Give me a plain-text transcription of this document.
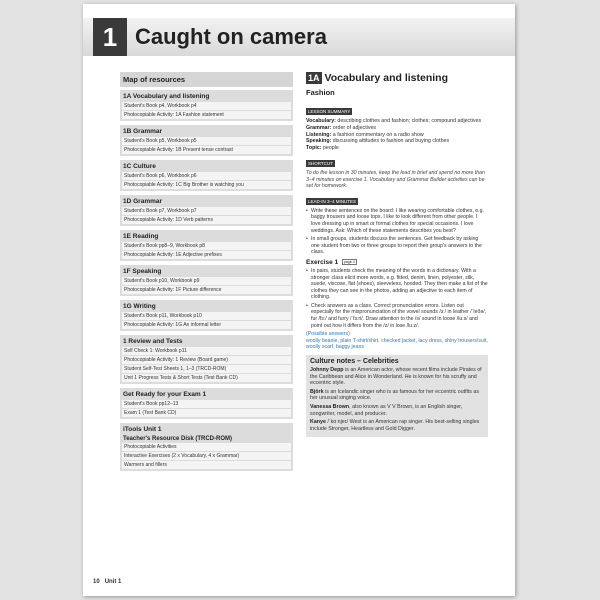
1 Caught on camera
Map of resources
1A Vocabulary and listening
Student's Book p4, Workbook p4
Photocopiable Activity: 1A Fashion statement
1B Grammar
Student's Book p5, Workbook p5
Photocopiable Activity: 1B Present tense contrast
1C Culture
Student's Book p6, Workbook p6
Photocopiable Activity: 1C Big Brother is watching you
1D Grammar
Student's Book p7, Workbook p7
Photocopiable Activity: 1D Verb patterns
1E Reading
Student's Book pp8–9, Workbook p8
Photocopiable Activity: 1E Adjective prefixes
1F Speaking
Student's Book p10, Workbook p9
Photocopiable Activity: 1F Picture difference
1G Writing
Student's Book p11, Workbook p10
Photocopiable Activity: 1G An informal letter
1 Review and Tests
Self Check 1: Workbook p11
Photocopiable Activity: 1 Review (Board game)
Student Self-Test Sheets 1, 1–3 (TRCD-ROM)
Unit 1 Progress Tests & Short Tests (Test Bank CD)
Get Ready for your Exam 1
Student's Book pp12–13
Exam 1 (Test Bank CD)
iTools Unit 1
Teacher's Resource Disk (TRCD-ROM)
Photocopiable Activities
Interactive Exercises (2 x Vocabulary, 4 x Grammar)
Warmers and fillers
1A Vocabulary and listening
Fashion
LESSON SUMMARY
Vocabulary: describing clothes and fashion; clothes; compound adjectives
Grammar: order of adjectives
Listening: a fashion commentary on a radio show
Speaking: discussing attitudes to fashion and buying clothes
Topic: people
SHORTCUT
To do the lesson in 30 minutes, keep the lead in brief and spend no more than 3–4 minutes on exercise 1. Vocabulary and Grammar Builder activities can be set for homework.
LEAD-IN 3–4 MINUTES
• Write these sentences on the board: I like wearing comfortable clothes, e.g. baggy trousers and loose tops. I like to look different from other people. I love dressing up in smart or formal clothes for special occasions. I love weddings. Ask: Which of these statements describes you best?
• In small groups, students discuss the sentences. Get feedback by asking one student from two or three groups to report their group's answers to the class.
Exercise 1 page 4
• In pairs, students check the meaning of the words in a dictionary. With a stronger class elicit more words, e.g. fitted, denim, linen, polyester, silk, suede, viscose, flat (shoes), sleeveless, hooded. They then make a list of the clothes they can see in the photos, adding an adjective to each item of clothing.
• Check answers as a class. Correct pronunciation errors. Listen out especially for the mispronunciation of the vowel sounds /ɜː/ in leather /ˈleðə/, fur /fɜː/ and furry /ˈfɜːri/. Draw attention to the /s/ sound in loose /luːs/ and point out how it differs from the /z/ in lose /luːz/.
(Possible answers)
woolly beanie, plain T-shirt/shirt, checked jacket, lacy dress, shiny trousers/suit, woolly scarf, baggy jeans
Culture notes – Celebrities
Johnny Depp is an American actor, whose recent films include Pirates of the Caribbean and Alice in Wonderland. He is known for his scruffy and eccentric style.
Björk is an Icelandic singer who is as famous for her eccentric outfits as her unusual singing voice.
Vanessa Brown, also known as V V Brown, is an English singer, songwriter, model, and producer.
Kanye /ˈkɑːnjeɪ/ West is an American rap singer. His best-selling singles include Stronger, Heartless and Gold Digger.
10 Unit 1
